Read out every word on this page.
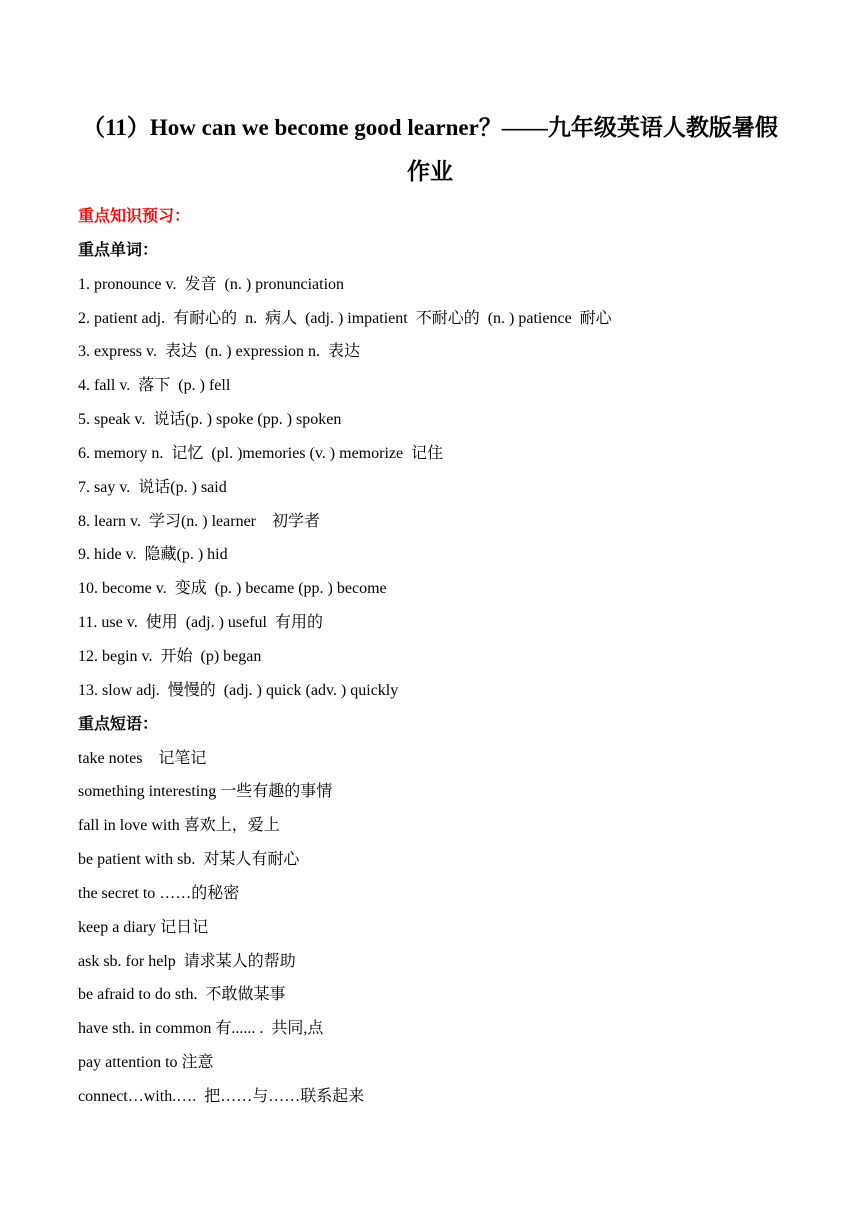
（11）How can we become good learner？——九年级英语人教版暑假
作业
重点知识预习：
重点单词：
1. pronounce v.  发音  (n. ) pronunciation
2. patient adj.  有耐心的  n.  病人  (adj. ) impatient  不耐心的  (n. ) patience  耐心
3. express v.  表达  (n. ) expression n.  表达
4. fall v.  落下  (p. ) fell
5. speak v.  说话(p. ) spoke (pp. ) spoken
6. memory n.  记忆  (pl. )memories (v. ) memorize  记住
7. say v.  说话(p. ) said
8. learn v.  学习(n. ) learner    初学者
9. hide v.  隐藏(p. ) hid
10. become v.  变成  (p. ) became (pp. ) become
11. use v.  使用  (adj. ) useful  有用的
12. begin v.  开始  (p) began
13. slow adj.  慢慢的  (adj. ) quick (adv. ) quickly
重点短语：
take notes    记笔记
something interesting 一些有趣的事情
fall in love with 喜欢上，爱上
be patient with sb.  对某人有耐心
the secret to ……的秘密
keep a diary 记日记
ask sb. for help  请求某人的帮助
be afraid to do sth.  不敢做某事
have sth. in common 有...... .  共同,点
pay attention to 注意
connect…with.….  把……与……联系起来
